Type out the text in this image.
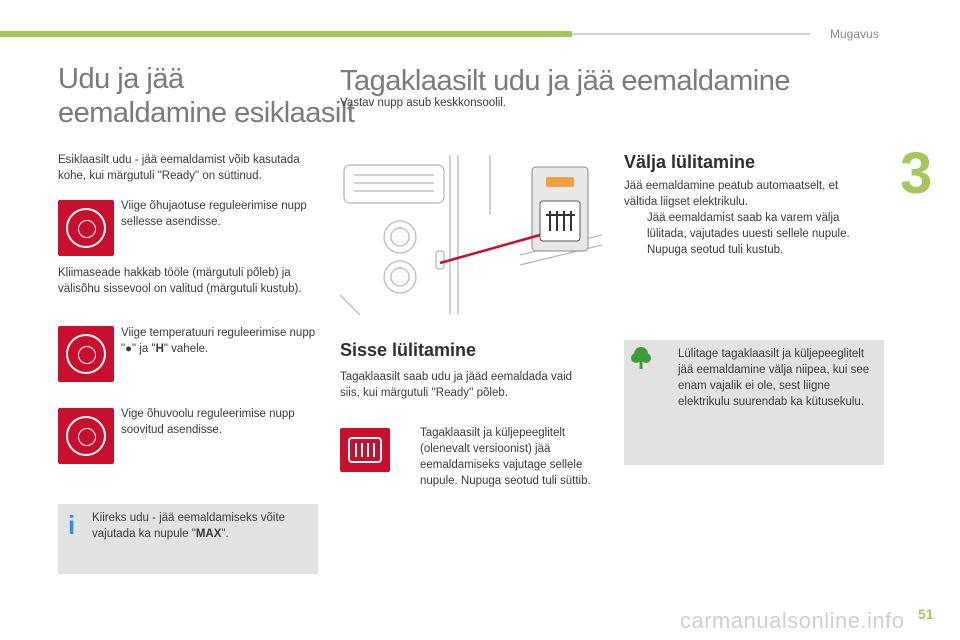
Mugavus
3
Udu ja jää
eemaldamine esiklaasilt
Esiklaasilt udu - jää eemaldamist võib kasutada kohe, kui märgutuli "Ready" on süttinud.
Viige õhujaotuse reguleerimise nupp sellesse asendisse.
Kliimaseade hakkab tööle (märgutuli põleb) ja välisõhu sissevool on valitud (märgutuli kustub).
Viige temperatuuri reguleerimise nupp "●" ja "H" vahele.
Vige õhuvoolu reguleerimise nupp soovitud asendisse.
i Kiireks udu - jää eemaldamiseks võite vajutada ka nupule "MAX".
Tagaklaasilt udu ja jää eemaldamine
Vastav nupp asub keskkonsoolil.
Sisse lülitamine
Tagaklaasilt saab udu ja jääd eemaldada vaid siis, kui märgutuli ''Ready'' põleb.
Tagaklaasilt ja küljepeeglitelt (olenevalt versioonist) jää eemaldamiseks vajutage sellele nupule. Nupuga seotud tuli süttib.
Välja lülitamine
Jää eemaldamine peatub automaatselt, et vältida liigset elektrikulu.
Jää eemaldamist saab ka varem välja lülitada, vajutades uuesti sellele nupule. Nupuga seotud tuli kustub.
Lülitage tagaklaasilt ja küljepeeglitelt jää eemaldamine välja niipea, kui see enam vajalik ei ole, sest liigne elektrikulu suurendab ka kütusekulu.
carmanualsonline.info 51
